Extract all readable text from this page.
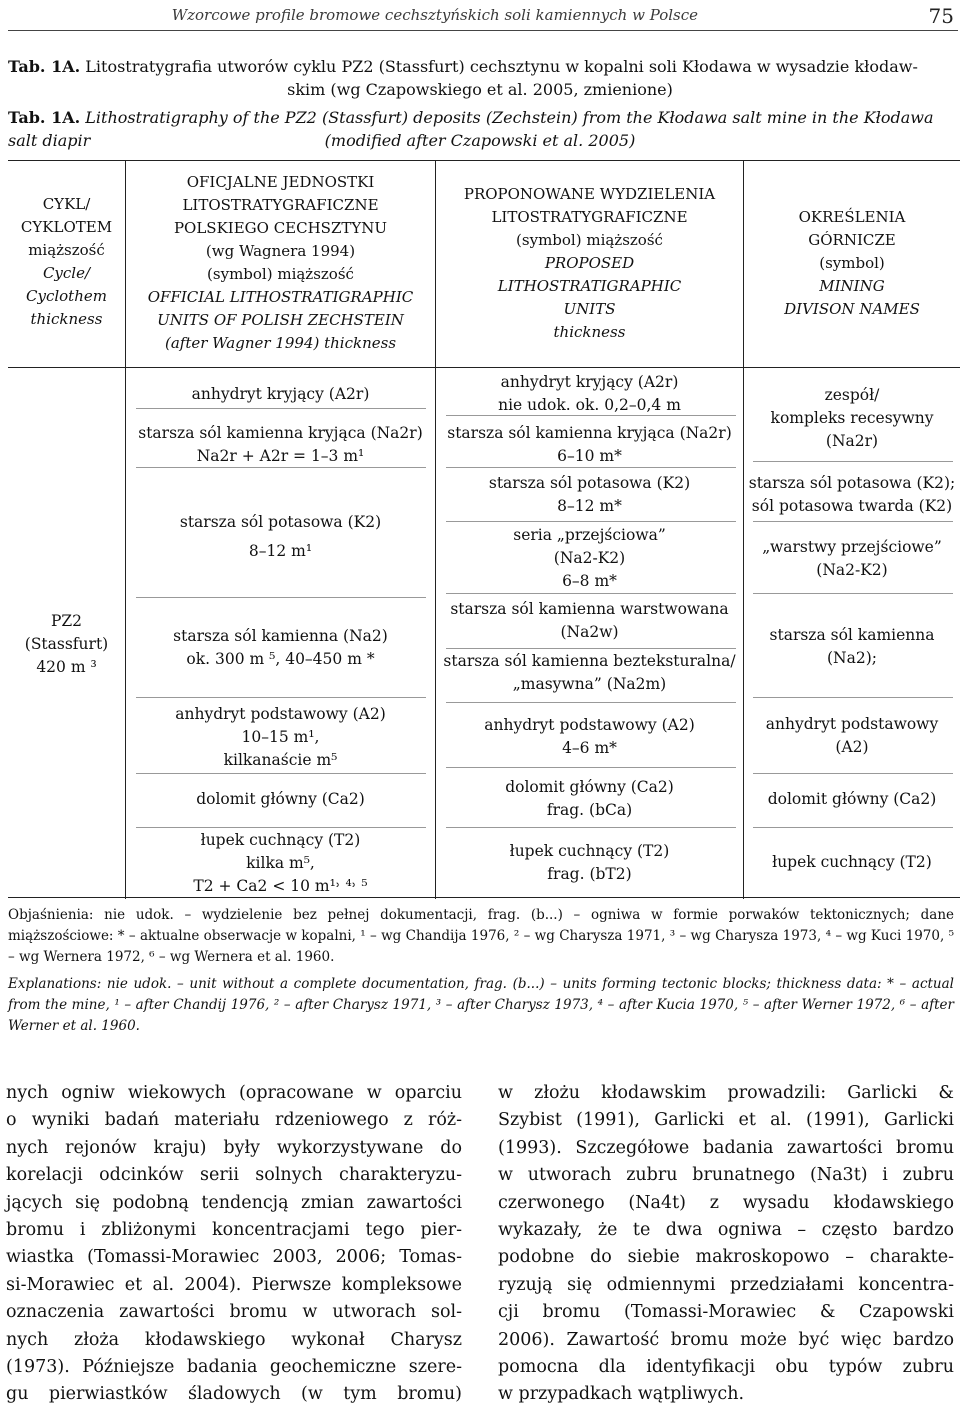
Wzorcowe profile bromowe cechsztyńskich soli kamiennych w Polsce	75
Tab. 1A. Litostratygrafia utworów cyklu PZ2 (Stassfurt) cechsztynu w kopalni soli Kłodawa w wysadzie kłodaw-
skim (wg Czapowskiego et al. 2005, zmienione)
Tab. 1A. Lithostratigraphy of the PZ2 (Stassfurt) deposits (Zechstein) from the Kłodawa salt mine in the Kłodawa salt diapir	(modified after Czapowski et al. 2005)
CYKL/
CYKLOTEM
miąższość
Cycle/
Cyclothem
thickness
OFICJALNE JEDNOSTKI
LITOSTRATYGRAFICZNE
POLSKIEGO CECHSZTYNU
(wg Wagnera 1994)
(symbol) miąższość
OFFICIAL LITHOSTRATIGRAPHIC
UNITS OF POLISH ZECHSTEIN
(after Wagner 1994) thickness
PROPONOWANE WYDZIELENIA
LITOSTRATYGRAFICZNE
(symbol) miąższość
PROPOSED
LITHOSTRATIGRAPHIC
UNITS
thickness
OKREŚLENIA
GÓRNICZE
(symbol)
MINING
DIVISON NAMES
PZ2 (Stassfurt)
420 m ³
anhydryt kryjący (A2r)
starsza sól kamienna kryjąca (Na2r)
Na2r + A2r = 1–3 m¹
starsza sól potasowa (K2)
8–12 m¹
starsza sól kamienna (Na2)
ok. 300 m ⁵, 40–450 m *
anhydryt podstawowy (A2)
10–15 m¹,
kilkanaście m⁵
dolomit główny (Ca2)
łupek cuchnący (T2)
kilka m⁵,
T2 + Ca2 < 10 m¹˒ ⁴˒ ⁵
anhydryt kryjący (A2r)
nie udok. ok. 0,2–0,4 m
starsza sól kamienna kryjąca (Na2r)
6–10 m*
starsza sól potasowa (K2)
8–12 m*
seria „przejściowa”
(Na2-K2)
6–8 m*
starsza sól kamienna warstwowana
(Na2w)
starsza sól kamienna bezteksturalna/
„masywna” (Na2m)
anhydryt podstawowy (A2)
4–6 m*
dolomit główny (Ca2)
frag. (bCa)
łupek cuchnący (T2)
frag. (bT2)
zespół/
kompleks recesywny
(Na2r)
starsza sól potasowa (K2);
sól potasowa twarda (K2)
„warstwy przejściowe”
(Na2-K2)
starsza sól kamienna
(Na2);
anhydryt podstawowy
(A2)
dolomit główny (Ca2)
łupek cuchnący (T2)
Objaśnienia: nie udok. – wydzielenie bez pełnej dokumentacji, frag. (b...) – ogniwa w formie porwaków tektonicznych; dane miąższościowe: * – aktualne obserwacje w kopalni, ¹ – wg Chandija 1976, ² – wg Charysza 1971, ³ – wg Charysza 1973, ⁴ – wg Kuci 1970, ⁵ – wg Wernera 1972, ⁶ – wg Wernera et al. 1960.
Explanations: nie udok. – unit without a complete documentation, frag. (b...) – units forming tectonic blocks; thickness data: * – actual from the mine, ¹ – after Chandij 1976, ² – after Charysz 1971, ³ – after Charysz 1973, ⁴ – after Kucia 1970, ⁵ – after Werner 1972, ⁶ – after Werner et al. 1960.
nych ogniw wiekowych (opracowane w oparciu
o wyniki badań materiału rdzeniowego z róż-
nych rejonów kraju) były wykorzystywane do
korelacji odcinków serii solnych charakteryzu-
jących się podobną tendencją zmian zawartości
bromu i zbliżonymi koncentracjami tego pier-
wiastka (Tomassi-Morawiec 2003, 2006; Tomas-
si-Morawiec et al. 2004). Pierwsze kompleksowe
oznaczenia zawartości bromu w utworach sol-
nych złoża kłodawskiego wykonał Charysz
(1973). Późniejsze badania geochemiczne szere-
gu pierwiastków śladowych (w tym bromu)
w złożu kłodawskim prowadzili: Garlicki &
Szybist (1991), Garlicki et al. (1991), Garlicki
(1993). Szczegółowe badania zawartości bromu
w utworach zubru brunatnego (Na3t) i zubru
czerwonego (Na4t) z wysadu kłodawskiego
wykazały, że te dwa ogniwa – często bardzo
podobne do siebie makroskopowo – charakte-
ryzują się odmiennymi przedziałami koncentra-
cji bromu (Tomassi-Morawiec & Czapowski
2006). Zawartość bromu może być więc bardzo
pomocna dla identyfikacji obu typów zubru
w przypadkach wątpliwych.
